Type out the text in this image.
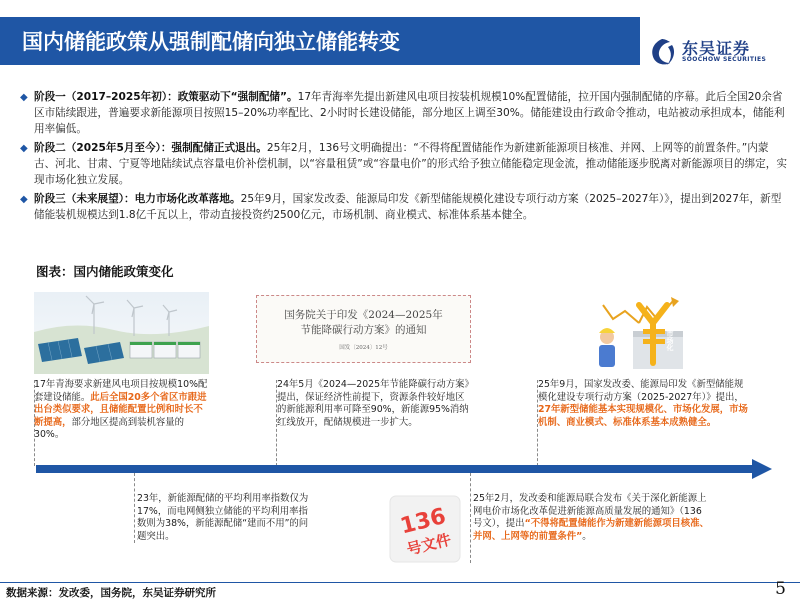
国内储能政策从强制配储向独立储能转变	东吴证券
SOOCHOW SECURITIES
◆ 阶段一（2017–2025年初）：政策驱动下“强制配储”。17年青海率先提出新建风电项目按装机规模10%配置储能，拉开国内强制配储的序幕。此后全国20余省区市陆续跟进，普遍要求新能源项目按照15–20%功率配比、2小时时长建设储能，部分地区上调至30%。储能建设由行政命令推动，电站被动承担成本，储能利用率偏低。
◆ 阶段二（2025年5月至今）：强制配储正式退出。25年2月，136号文明确提出：“不得将配置储能作为新建新能源项目核准、并网、上网等的前置条件。”内蒙古、河北、甘肃、宁夏等地陆续试点容量电价补偿机制，以“容量租赁”或“容量电价”的形式给予独立储能稳定现金流，推动储能逐步脱离对新能源项目的绑定，实现市场化独立发展。
◆ 阶段三（未来展望）：电力市场化改革落地。25年9月，国家发改委、能源局印发《新型储能规模化建设专项行动方案（2025–2027年）》，提出到2027年，新型储能装机规模达到1.8亿千瓦以上，带动直接投资约2500亿元，市场机制、商业模式、标准体系基本健全。
图表：国内储能政策变化
国务院关于印发《2024—2025年
节能降碳行动方案》的通知
国发〔2024〕12号	电力市场化
17年青海要求新建风电项目按规模10%配套建设储能。此后全国20多个省区市跟进出台类似要求，且储能配置比例和时长不断提高，部分地区提高到装机容量的30%。
24年5月《2024—2025年节能降碳行动方案》提出，保证经济性前提下，资源条件较好地区的新能源利用率可降至90%，新能源95%消纳红线放开，配储规模进一步扩大。
25年9月，国家发改委、能源局印发《新型储能规模化建设专项行动方案（2025-2027年）》提出，27年新型储能基本实现规模化、市场化发展，市场机制、商业模式、标准体系基本成熟健全。
23年，新能源配储的平均利用率指数仅为17%，而电网侧独立储能的平均利用率指数则为38%，新能源配储“建而不用”的问题突出。	136
号文件
25年2月，发改委和能源局联合发布《关于深化新能源上网电价市场化改革促进新能源高质量发展的通知》（136号文），提出“不得将配置储能作为新建新能源项目核准、并网、上网等的前置条件”。
数据来源：发改委，国务院，东吴证券研究所	5
